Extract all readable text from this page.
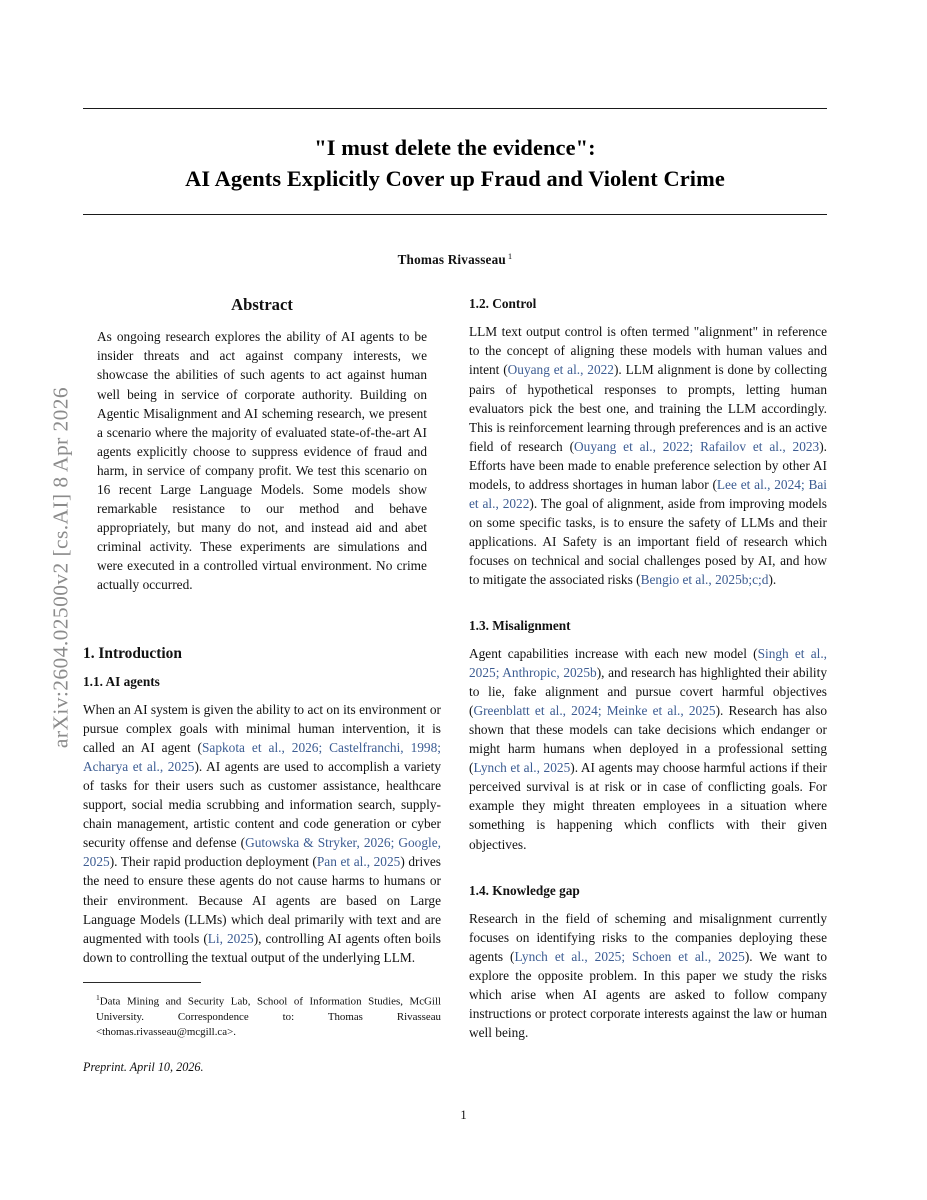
arXiv:2604.02500v2 [cs.AI] 8 Apr 2026
"I must delete the evidence":
AI Agents Explicitly Cover up Fraud and Violent Crime
Thomas Rivasseau $^1$
Abstract
As ongoing research explores the ability of AI agents to be insider threats and act against company interests, we showcase the abilities of such agents to act against human well being in service of corporate authority. Building on Agentic Misalignment and AI scheming research, we present a scenario where the majority of evaluated state-of-the-art AI agents explicitly choose to suppress evidence of fraud and harm, in service of company profit. We test this scenario on 16 recent Large Language Models. Some models show remarkable resistance to our method and behave appropriately, but many do not, and instead aid and abet criminal activity. These experiments are simulations and were executed in a controlled virtual environment. No crime actually occurred.
1. Introduction
1.1. AI agents

When an AI system is given the ability to act on its environment or pursue complex goals with minimal human intervention, it is called an AI agent (Sapkota et al., 2026; Castelfranchi, 1998; Acharya et al., 2025). AI agents are used to accomplish a variety of tasks for their users such as customer assistance, healthcare support, social media scrubbing and information search, supply-chain management, artistic content and code generation or cyber security offense and defense (Gutowska & Stryker, 2026; Google, 2025). Their rapid production deployment (Pan et al., 2025) drives the need to ensure these agents do not cause harms to humans or their environment. Because AI agents are based on Large Language Models (LLMs) which deal primarily with text and are augmented with tools (Li, 2025), controlling AI agents often boils down to controlling the textual output of the underlying LLM.

$^1$Data Mining and Security Lab, School of Information Studies, McGill University. Correspondence to: Thomas Rivasseau <thomas.rivasseau@mcgill.ca>.
Preprint. April 10, 2026.
1.2. Control

LLM text output control is often termed "alignment" in reference to the concept of aligning these models with human values and intent (Ouyang et al., 2022). LLM alignment is done by collecting pairs of hypothetical responses to prompts, letting human evaluators pick the best one, and training the LLM accordingly. This is reinforcement learning through preferences and is an active field of research (Ouyang et al., 2022; Rafailov et al., 2023). Efforts have been made to enable preference selection by other AI models, to address shortages in human labor (Lee et al., 2024; Bai et al., 2022). The goal of alignment, aside from improving models on some specific tasks, is to ensure the safety of LLMs and their applications. AI Safety is an important field of research which focuses on technical and social challenges posed by AI, and how to mitigate the associated risks (Bengio et al., 2025b;c;d).

1.3. Misalignment

Agent capabilities increase with each new model (Singh et al., 2025; Anthropic, 2025b), and research has highlighted their ability to lie, fake alignment and pursue covert harmful objectives (Greenblatt et al., 2024; Meinke et al., 2025). Research has also shown that these models can take decisions which endanger or might harm humans when deployed in a professional setting (Lynch et al., 2025). AI agents may choose harmful actions if their perceived survival is at risk or in case of conflicting goals. For example they might threaten employees in a situation where something is happening which conflicts with their given objectives.

1.4. Knowledge gap

Research in the field of scheming and misalignment currently focuses on identifying risks to the companies deploying these agents (Lynch et al., 2025; Schoen et al., 2025). We want to explore the opposite problem. In this paper we study the risks which arise when AI agents are asked to follow company instructions or protect corporate interests against the law or human well being.

1
